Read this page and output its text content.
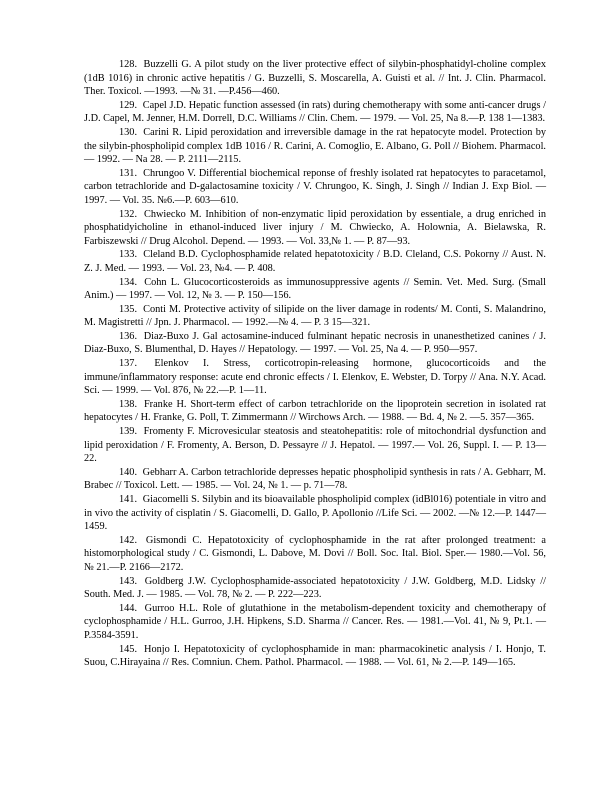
128. Buzzelli G. A pilot study on the liver protective effect of silybin-phosphatidyl-choline complex (1dB 1016) in chronic active hepatitis / G. Buzzelli, S. Moscarella, A. Guisti et al. // Int. J. Clin. Pharmacol. Ther. Toxicol. —1993. —№ 31. —P.456—460.

129. Capel J.D. Hepatic function assessed (in rats) during chemotherapy with some anti-cancer drugs / J.D. Capel, M. Jenner, H.M. Dorrell, D.C. Williams // Clin. Chem. — 1979. — Vol. 25, Na 8.—P. 138 1—1383.

130. Carini R. Lipid peroxidation and irreversible damage in the rat hepatocyte model. Protection by the silybin-phospholipid complex 1dB 1016 / R. Carini, A. Comoglio, E. Albano, G. Poll // Biohem. Pharmacol. — 1992. — Na 28. — P. 2111—2115.

131. Chrungoo V. Differential biochemical reponse of freshly isolated rat hepatocytes to paracetamol, carbon tetrachloride and D-galactosamine toxicity / V. Chrungoo, K. Singh, J. Singh // Indian J. Exp Biol. — 1997. — Vol. 35. №6.—P. 603—610.

132. Chwiecko M. Inhibition of non-enzymatic lipid peroxidation by essentiale, a drug enriched in phosphatidyicholine in ethanol-induced liver injury / M. Chwiecko, A. Holownia, A. Bielawska, R. Farbiszewski // Drug Alcohol. Depend. — 1993. — Vol. 33,№ 1. — P. 87—93.

133. Cleland B.D. Cyclophosphamide related hepatotoxicity / B.D. Cleland, C.S. Pokorny // Aust. N. Z. J. Med. — 1993. — Vol. 23, №4. — P. 408.

134. Cohn L. Glucocorticosteroids as immunosuppressive agents // Semin. Vet. Med. Surg. (Small Anim.) — 1997. — Vol. 12, № 3. — P. 150—156.

135. Conti M. Protective activity of silipide on the liver damage in rodents/ M. Conti, S. Malandrino, M. Magistretti // Jpn. J. Pharmacol. — 1992.—№ 4. — P. 3 15—321.

136. Diaz-Buxo J. Gal actosamine-induced fulminant hepatic necrosis in unanesthetized canines / J. Diaz-Buxo, S. Blumenthal, D. Hayes // Hepatology. — 1997. — Vol. 25, Na 4. — P. 950—957.

137. Elenkov I. Stress, corticotropin-releasing hormone, glucocorticoids and the immune/inflammatory response: acute end chronic effects / I. Elenkov, E. Webster, D. Torpy // Ana. N.Y. Acad. Sci. — 1999. — Vol. 876, № 22.—P. 1—11.

138. Franke H. Short-term effect of carbon tetrachloride on the lipoprotein secretion in isolated rat hepatocytes / H. Franke, G. Poll, T. Zimmermann // Wirchows Arch. — 1988. — Bd. 4, № 2. —5. 357—365.

139. Fromenty F. Microvesicular steatosis and steatohepatitis: role of mitochondrial dysfunction and lipid peroxidation / F. Fromenty, A. Berson, D. Pessayre // J. Hepatol. — 1997.— Vol. 26, Suppl. I. — P. 13—22.

140. Gebharr A. Carbon tetrachloride depresses hepatic phospholipid synthesis in rats / A. Gebharr, M. Brabec // Toxicol. Lett. — 1985. — Vol. 24, № 1. — p. 71—78.

141. Giacomelli S. Silybin and its bioavailable phospholipid complex (idBl016) potentiale in vitro and in vivo the activity of cisplatin / S. Giacomelli, D. Gallo, P. Apollonio //Life Sci. — 2002. —№ 12.—P. 1447—1459.

142. Gismondi C. Hepatotoxicity of cyclophosphamide in the rat after prolonged treatment: a histomorphological study / C. Gismondi, L. Dabove, M. Dovi // Boll. Soc. Ital. Biol. Sper.— 1980.—Vol. 56, № 21.—P. 2166—2172.

143. Goldberg J.W. Cyclophosphamide-associated hepatotoxicity / J.W. Goldberg, M.D. Lidsky // South. Med. J. — 1985. — Vol. 78, № 2. — P. 222—223.

144. Gurroo H.L. Role of glutathione in the metabolism-dependent toxicity and chemotherapy of cyclophosphamide / H.L. Gurroo, J.H. Hipkens, S.D. Sharma // Cancer. Res. — 1981.—Vol. 41, № 9, Pt.1. —P.3584-3591.

145. Honjo I. Hepatotoxicity of cyclophosphamide in man: pharmacokinetic analysis / I. Honjo, T. Suou, C.Hirayaina // Res. Comniun. Chem. Pathol. Pharmacol. — 1988. — Vol. 61, № 2.—P. 149—165.
